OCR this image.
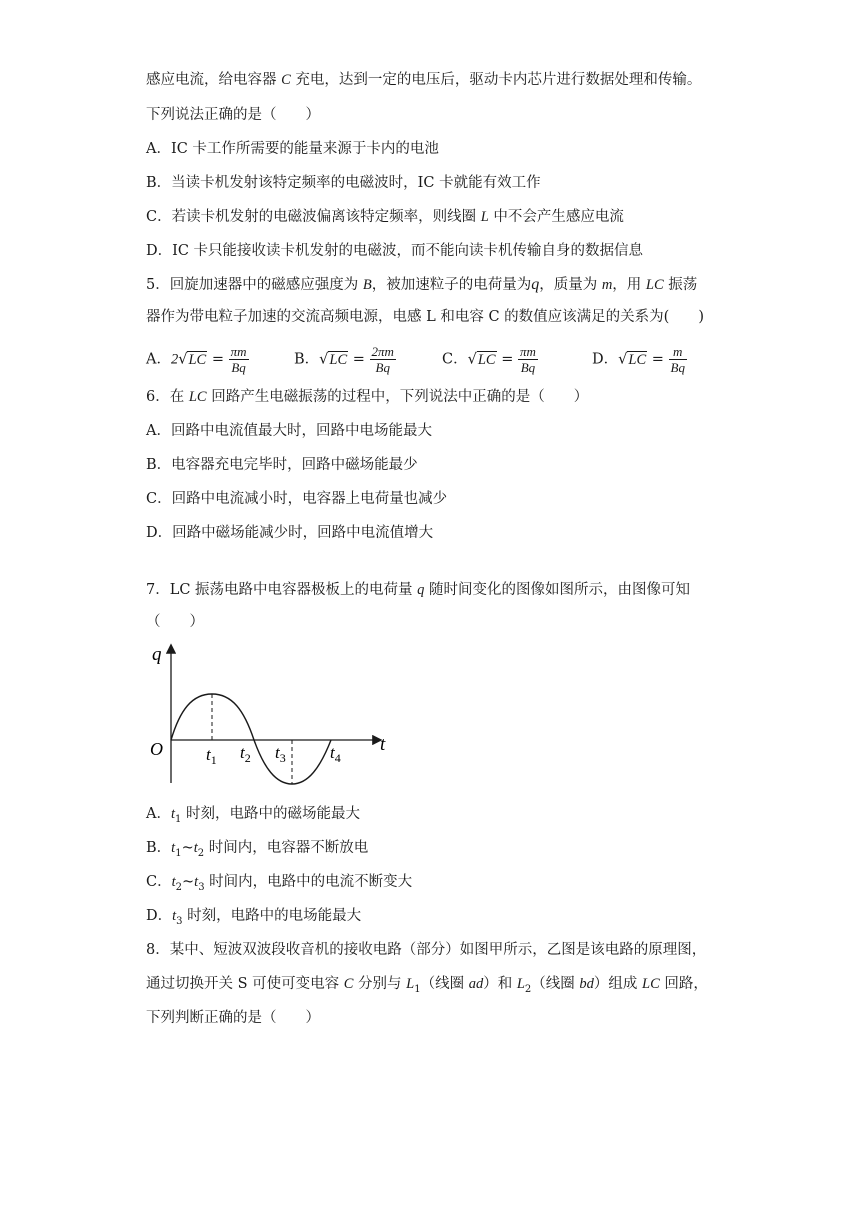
感应电流，给电容器 C 充电，达到一定的电压后，驱动卡内芯片进行数据处理和传输。
下列说法正确的是（　　）
A．IC 卡工作所需要的能量来源于卡内的电池
B．当读卡机发射该特定频率的电磁波时，IC 卡就能有效工作
C．若读卡机发射的电磁波偏离该特定频率，则线圈 L 中不会产生感应电流
D．IC 卡只能接收读卡机发射的电磁波，而不能向读卡机传输自身的数据信息
5．回旋加速器中的磁感应强度为 B，被加速粒子的电荷量为q，质量为 m，用 LC 振荡
器作为带电粒子加速的交流高频电源，电感 L 和电容 C 的数值应该满足的关系为(　　)
A．$2√LC = \frac{\pi m}{Bq}$	B．$√LC = \frac{2\pi m}{Bq}$	C．$√LC = \frac{\pi m}{Bq}$	D．$√LC = \frac{m}{Bq}$
6．在 LC 回路产生电磁振荡的过程中，下列说法中正确的是（　　）
A．回路中电流值最大时，回路中电场能最大
B．电容器充电完毕时，回路中磁场能最少
C．回路中电流减小时，电容器上电荷量也减少
D．回路中磁场能减少时，回路中电流值增大
7．LC 振荡电路中电容器极板上的电荷量 q 随时间变化的图像如图所示，由图像可知
（　　）
q
t
O	$t_1$ $t_2$ $t_3$	$t_4$
A．$t_1$ 时刻，电路中的磁场能最大
B．$t_1\sim t_2$ 时间内，电容器不断放电
C．$t_2\sim t_3$ 时间内，电路中的电流不断变大
D．$t_3$ 时刻，电路中的电场能最大
8．某中、短波双波段收音机的接收电路（部分）如图甲所示，乙图是该电路的原理图，
通过切换开关 S 可使可变电容 C 分别与 $L_1$（线圈 ad）和 $L_2$（线圈 bd）组成 LC 回路，
下列判断正确的是（　　）
